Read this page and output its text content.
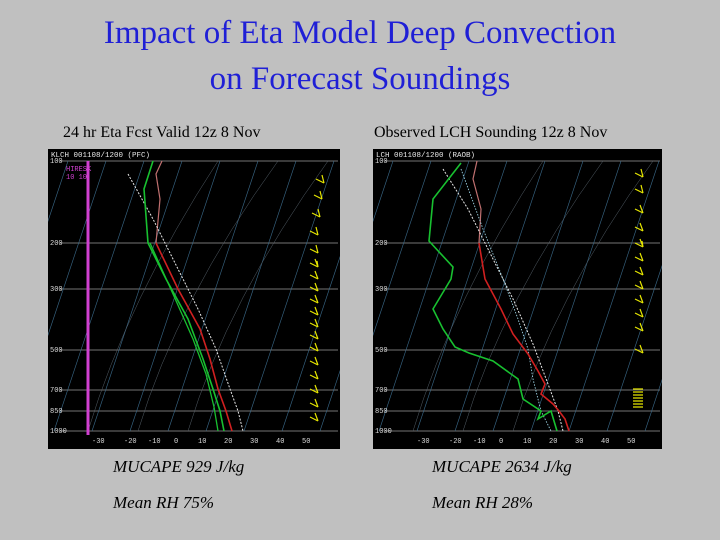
Impact of Eta Model Deep Convection
on Forecast Soundings
24 hr Eta Fcst Valid 12z 8 Nov	Observed LCH Sounding 12z 8 Nov
KLCH 001108/1200 (PFC)
HIRESK
10 10
100
200
300
500
700
850
1000
-30	-20 -10 0	10	20	30	40	50
LCH 001108/1200 (RAOB)
100
200
300
500
700
850
1000
-30	-20 -10 0	10	20	30	40	50
MUCAPE 929 J/kg
Mean RH 75%
MUCAPE 2634 J/kg
Mean RH 28%
